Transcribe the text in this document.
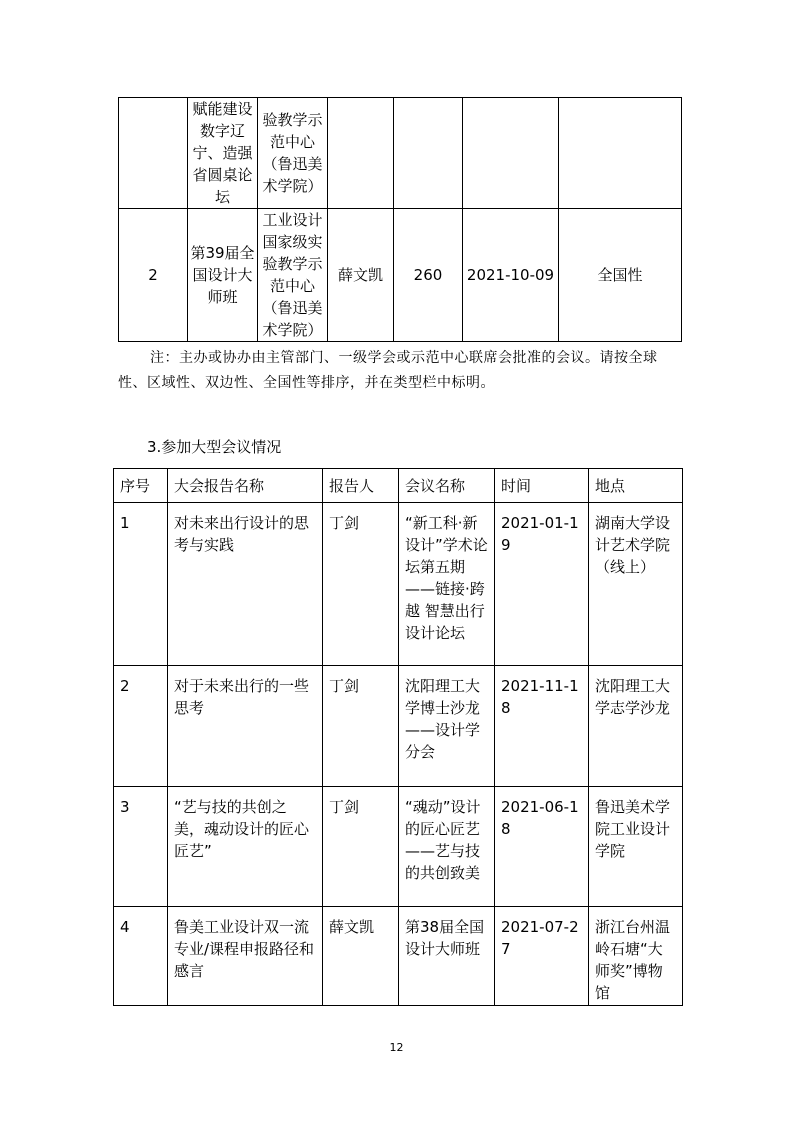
	赋能建设数字辽宁、造强省圆桌论坛	验教学示范中心（鲁迅美术学院）				
2	第39届全国设计大师班	工业设计国家级实验教学示范中心（鲁迅美术学院）	薛文凯	260	2021-10-09	全国性
注：主办或协办由主管部门、一级学会或示范中心联席会批准的会议。请按全球性、区域性、双边性、全国性等排序，并在类型栏中标明。
3.参加大型会议情况
序号	大会报告名称	报告人	会议名称	时间	地点
1	对未来出行设计的思考与实践	丁剑	“新工科·新设计”学术论坛第五期——链接·跨越 智慧出行设计论坛	2021-01-19	湖南大学设计艺术学院（线上）
2	对于未来出行的一些思考	丁剑	沈阳理工大学博士沙龙——设计学分会	2021-11-18	沈阳理工大学志学沙龙
3	“艺与技的共创之美，魂动设计的匠心匠艺”	丁剑	“魂动”设计的匠心匠艺——艺与技的共创致美	2021-06-18	鲁迅美术学院工业设计学院
4	鲁美工业设计双一流专业/课程申报路径和感言	薛文凯	第38届全国设计大师班	2021-07-27	浙江台州温岭石塘“大师奖”博物馆
12
